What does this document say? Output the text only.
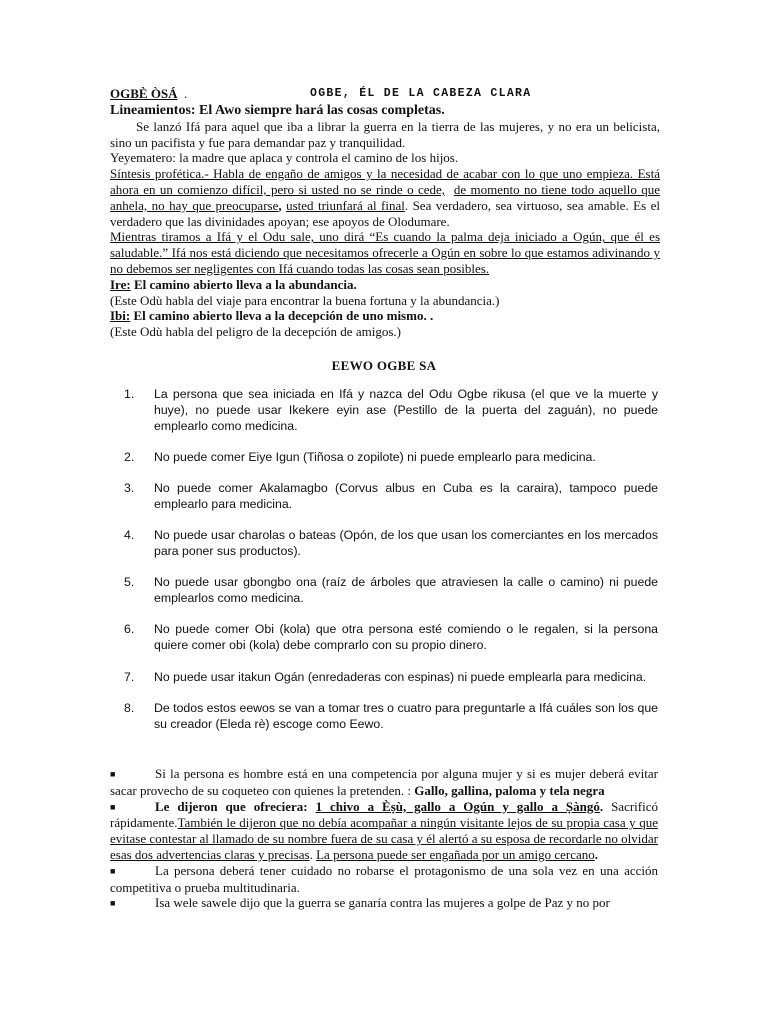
OGBÈ ÒSÁ .	OGBE, ÉL DE LA CABEZA CLARA

Lineamientos: El Awo siempre hará las cosas completas.

Se lanzó Ifá para aquel que iba a librar la guerra en la tierra de las mujeres, y no era un belicista, sino un pacifista y fue para demandar paz y tranquilidad.

Yeyematero: la madre que aplaca y controla el camino de los hijos.

Síntesis profética.- Habla de engaño de amigos y la necesidad de acabar con lo que uno empieza. Está ahora en un comienzo difícil, pero si usted no se rinde o cede, de momento no tiene todo aquello que anhela, no hay que preocuparse, usted triunfará al final. Sea verdadero, sea virtuoso, sea amable. Es el verdadero que las divinidades apoyan; ese apoyos de Olodumare.

Mientras tiramos a Ifá y el Odu sale, uno dirá “Es cuando la palma deja iniciado a Ogún, que él es saludable.” Ifá nos está diciendo que necesitamos ofrecerle a Ogún en sobre lo que estamos adivinando y no debemos ser negligentes con Ifá cuando todas las cosas sean posibles.

Ire: El camino abierto lleva a la abundancia.

(Este Odù habla del viaje para encontrar la buena fortuna y la abundancia.)

Ibi: El camino abierto lleva a la decepción de uno mismo. .

(Este Odù habla del peligro de la decepción de amigos.)

EEWO OGBE SA
1.	La persona que sea iniciada en Ifá y nazca del Odu Ogbe rikusa (el que ve la muerte y huye), no puede usar Ikekere eyin ase (Pestillo de la puerta del zaguán), no puede emplearlo como medicina.
2.	No puede comer Eiye Igun (Tiñosa o zopilote) ni puede emplearlo para medicina.
3.	No puede comer Akalamagbo (Corvus albus en Cuba es la caraira), tampoco puede emplearlo para medicina.
4.	No puede usar charolas o bateas (Opón, de los que usan los comerciantes en los mercados para poner sus productos).
5.	No puede usar gbongbo ona (raíz de árboles que atraviesen la calle o camino) ni puede emplearlos como medicina.
6.	No puede comer Obi (kola) que otra persona esté comiendo o le regalen, si la persona quiere comer obi (kola) debe comprarlo con su propio dinero.
7.	No puede usar itakun Ogán (enredaderas con espinas) ni puede emplearla para medicina.
8.	De todos estos eewos se van a tomar tres o cuatro para preguntarle a Ifá cuáles son los que su creador (Eleda rè) escoge como Eewo.

■	Si la persona es hombre está en una competencia por alguna mujer y si es mujer deberá evitar sacar provecho de su coqueteo con quienes la pretenden. : Gallo, gallina, paloma y tela negra

■	Le dijeron que ofreciera: 1 chivo a Èṣù, gallo a Ogún y gallo a Ṣàngó. Sacrificó rápidamente.También le dijeron que no debía acompañar a ningún visitante lejos de su propia casa y que evitase contestar al llamado de su nombre fuera de su casa y él alertó a su esposa de recordarle no olvidar esas dos advertencias claras y precisas. La persona puede ser engañada por un amigo cercano.

■	La persona deberá tener cuidado no robarse el protagonismo de una sola vez en una acción competitiva o prueba multitudinaria.

■	Isa wele sawele dijo que la guerra se ganaría contra las mujeres a golpe de Paz y no por
